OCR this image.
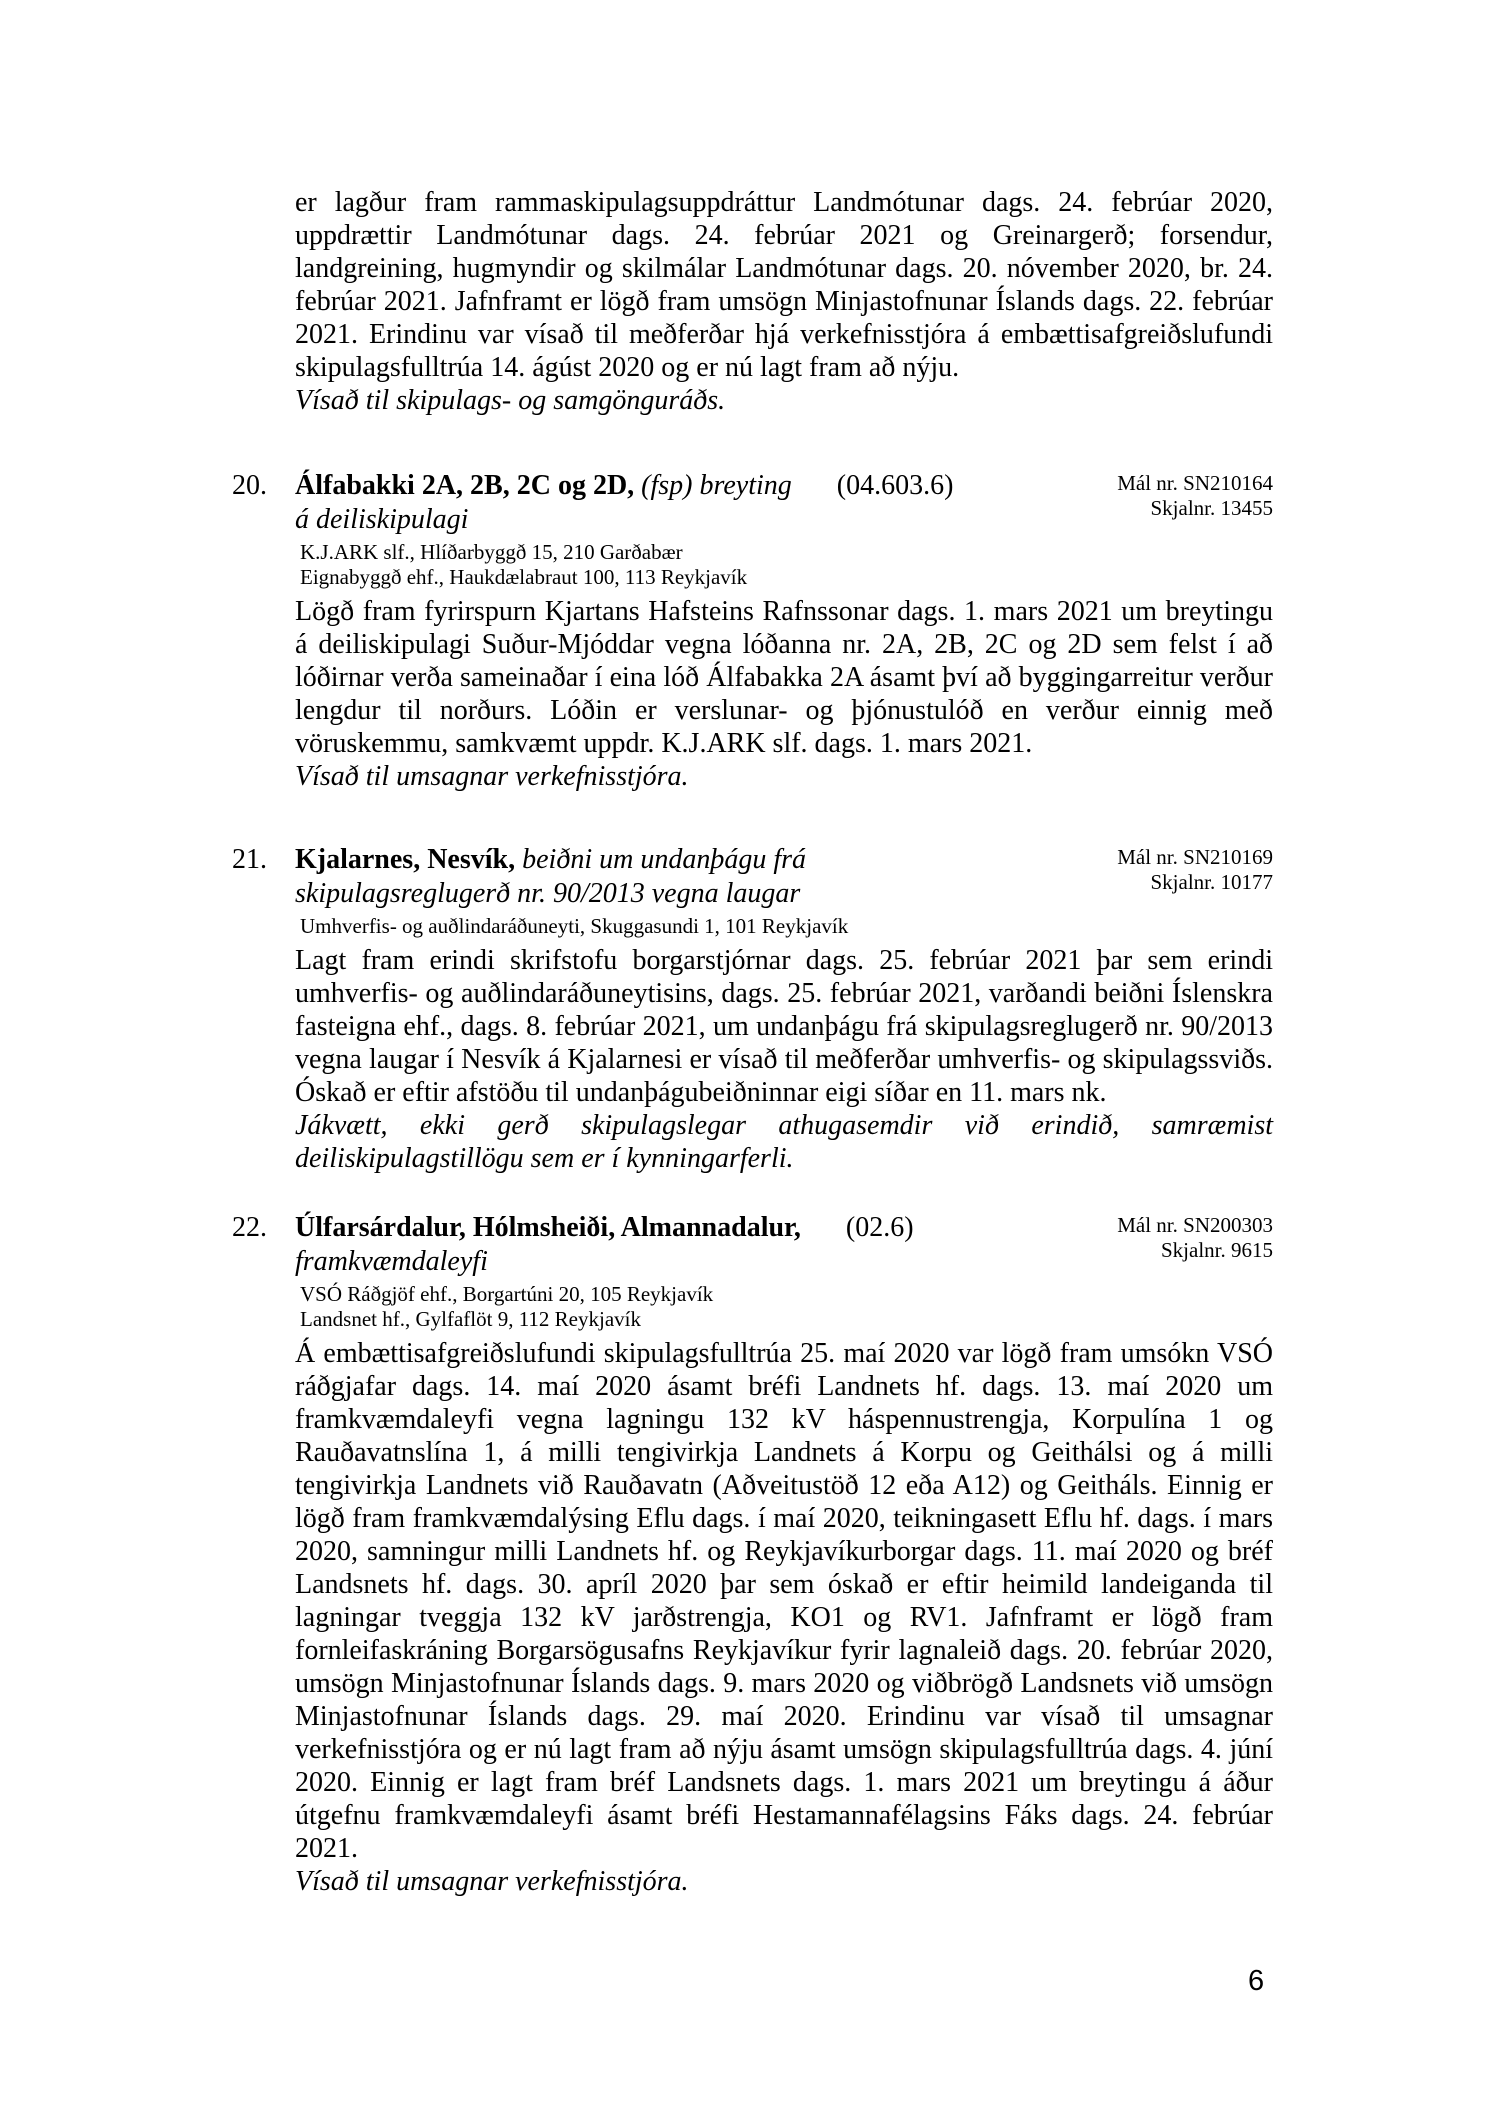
er lagður fram rammaskipulagsuppdráttur Landmótunar dags. 24. febrúar 2020, uppdrættir Landmótunar dags. 24. febrúar 2021 og Greinargerð; forsendur, landgreining, hugmyndir og skilmálar Landmótunar dags. 20. nóvember 2020, br. 24. febrúar 2021. Jafnframt er lögð fram umsögn Minjastofnunar Íslands dags. 22. febrúar 2021. Erindinu var vísað til meðferðar hjá verkefnisstjóra á embættisafgreiðslufundi skipulagsfulltrúa 14. ágúst 2020 og er nú lagt fram að nýju.

Vísað til skipulags- og samgönguráðs.

20.	Mál nr. SN210164
Skjalnr. 13455
Álfabakki 2A, 2B, 2C og 2D, (fsp) breyting (04.603.6)
á deiliskipulagi
K.J.ARK slf., Hlíðarbyggð 15, 210 Garðabær
Eignabyggð ehf., Haukdælabraut 100, 113 Reykjavík

Lögð fram fyrirspurn Kjartans Hafsteins Rafnssonar dags. 1. mars 2021 um breytingu á deiliskipulagi Suður-Mjóddar vegna lóðanna nr. 2A, 2B, 2C og 2D sem felst í að lóðirnar verða sameinaðar í eina lóð Álfabakka 2A ásamt því að byggingarreitur verður lengdur til norðurs. Lóðin er verslunar- og þjónustulóð en verður einnig með vöruskemmu, samkvæmt uppdr. K.J.ARK slf. dags. 1. mars 2021.

Vísað til umsagnar verkefnisstjóra.

21.	Mál nr. SN210169
Skjalnr. 10177
Kjalarnes, Nesvík, beiðni um undanþágu frá
skipulagsreglugerð nr. 90/2013 vegna laugar
Umhverfis- og auðlindaráðuneyti, Skuggasundi 1, 101 Reykjavík

Lagt fram erindi skrifstofu borgarstjórnar dags. 25. febrúar 2021 þar sem erindi umhverfis- og auðlindaráðuneytisins, dags. 25. febrúar 2021, varðandi beiðni Íslenskra fasteigna ehf., dags. 8. febrúar 2021, um undanþágu frá skipulagsreglugerð nr. 90/2013 vegna laugar í Nesvík á Kjalarnesi er vísað til meðferðar umhverfis- og skipulagssviðs. Óskað er eftir afstöðu til undanþágubeiðninnar eigi síðar en 11. mars nk.

Jákvætt, ekki gerð skipulagslegar athugasemdir við erindið, samræmist deiliskipulagstillögu sem er í kynningarferli.

22.	Mál nr. SN200303
Skjalnr. 9615
Úlfarsárdalur, Hólmsheiði, Almannadalur, (02.6)
framkvæmdaleyfi
VSÓ Ráðgjöf ehf., Borgartúni 20, 105 Reykjavík
Landsnet hf., Gylfaflöt 9, 112 Reykjavík

Á embættisafgreiðslufundi skipulagsfulltrúa 25. maí 2020 var lögð fram umsókn VSÓ ráðgjafar dags. 14. maí 2020 ásamt bréfi Landnets hf. dags. 13. maí 2020 um framkvæmdaleyfi vegna lagningu 132 kV háspennustrengja, Korpulína 1 og Rauðavatnslína 1, á milli tengivirkja Landnets á Korpu og Geithálsi og á milli tengivirkja Landnets við Rauðavatn (Aðveitustöð 12 eða A12) og Geitháls. Einnig er lögð fram framkvæmdalýsing Eflu dags. í maí 2020, teikningasett Eflu hf. dags. í mars 2020, samningur milli Landnets hf. og Reykjavíkurborgar dags. 11. maí 2020 og bréf Landsnets hf. dags. 30. apríl 2020 þar sem óskað er eftir heimild landeiganda til lagningar tveggja 132 kV jarðstrengja, KO1 og RV1. Jafnframt er lögð fram fornleifaskráning Borgarsögusafns Reykjavíkur fyrir lagnaleið dags. 20. febrúar 2020, umsögn Minjastofnunar Íslands dags. 9. mars 2020 og viðbrögð Landsnets við umsögn Minjastofnunar Íslands dags. 29. maí 2020. Erindinu var vísað til umsagnar verkefnisstjóra og er nú lagt fram að nýju ásamt umsögn skipulagsfulltrúa dags. 4. júní 2020. Einnig er lagt fram bréf Landsnets dags. 1. mars 2021 um breytingu á áður útgefnu framkvæmdaleyfi ásamt bréfi Hestamannafélagsins Fáks dags. 24. febrúar 2021.

Vísað til umsagnar verkefnisstjóra.

6
